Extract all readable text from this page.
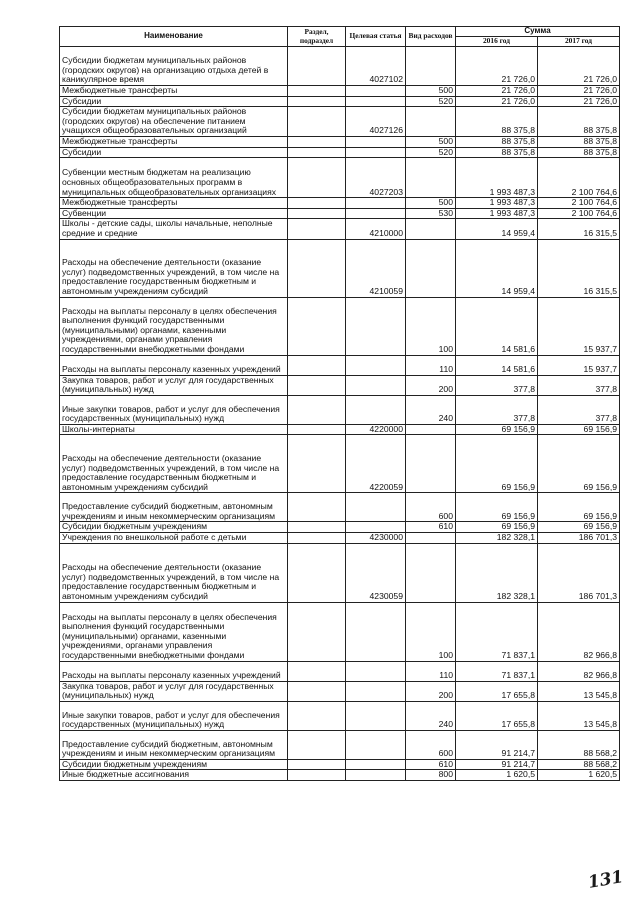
Наименование	Раздел, подраздел	Целевая статья	Вид расходов	Сумма	
				2016 год	2017 год
Субсидии бюджетам муниципальных районов (городских округов) на организацию отдыха детей в каникулярное время		4027102		21 726,0	21 726,0
Межбюджетные трансферты			500	21 726,0	21 726,0
Субсидии			520	21 726,0	21 726,0
Субсидии бюджетам муниципальных районов (городских округов) на обеспечение питанием учащихся общеобразовательных организаций		4027126		88 375,8	88 375,8
Межбюджетные трансферты			500	88 375,8	88 375,8
Субсидии			520	88 375,8	88 375,8
Субвенции местным бюджетам на реализацию основных общеобразовательных программ в муниципальных общеобразовательных организациях		4027203		1 993 487,3	2 100 764,6
Межбюджетные трансферты			500	1 993 487,3	2 100 764,6
Субвенции			530	1 993 487,3	2 100 764,6
Школы - детские сады, школы начальные, неполные средние и средние		4210000		14 959,4	16 315,5
Расходы на обеспечение деятельности (оказание услуг) подведомственных учреждений, в том числе на предоставление государственным бюджетным и автономным учреждениям субсидий		4210059		14 959,4	16 315,5
Расходы на выплаты персоналу в целях обеспечения выполнения функций государственными (муниципальными) органами, казенными учреждениями, органами управления государственными внебюджетными фондами			100	14 581,6	15 937,7
Расходы на выплаты персоналу казенных учреждений			110	14 581,6	15 937,7
Закупка товаров, работ и услуг для государственных (муниципальных) нужд			200	377,8	377,8
Иные закупки товаров, работ и услуг для обеспечения государственных (муниципальных) нужд			240	377,8	377,8
Школы-интернаты		4220000		69 156,9	69 156,9
Расходы на обеспечение деятельности (оказание услуг) подведомственных учреждений, в том числе на предоставление государственным бюджетным и автономным учреждениям субсидий		4220059		69 156,9	69 156,9
Предоставление субсидий бюджетным, автономным учреждениям и иным некоммерческим организациям			600	69 156,9	69 156,9
Субсидии бюджетным учреждениям			610	69 156,9	69 156,9
Учреждения по внешкольной работе с детьми		4230000		182 328,1	186 701,3
Расходы на обеспечение деятельности (оказание услуг) подведомственных учреждений, в том числе на предоставление государственным бюджетным и автономным учреждениям субсидий		4230059		182 328,1	186 701,3
Расходы на выплаты персоналу в целях обеспечения выполнения функций государственными (муниципальными) органами, казенными учреждениями, органами управления государственными внебюджетными фондами			100	71 837,1	82 966,8
Расходы на выплаты персоналу казенных учреждений			110	71 837,1	82 966,8
Закупка товаров, работ и услуг для государственных (муниципальных) нужд			200	17 655,8	13 545,8
Иные закупки товаров, работ и услуг для обеспечения государственных (муниципальных) нужд			240	17 655,8	13 545,8
Предоставление субсидий бюджетным, автономным учреждениям и иным некоммерческим организациям			600	91 214,7	88 568,2
Субсидии бюджетным учреждениям			610	91 214,7	88 568,2
Иные бюджетные ассигнования			800	1 620,5	1 620,5
131
